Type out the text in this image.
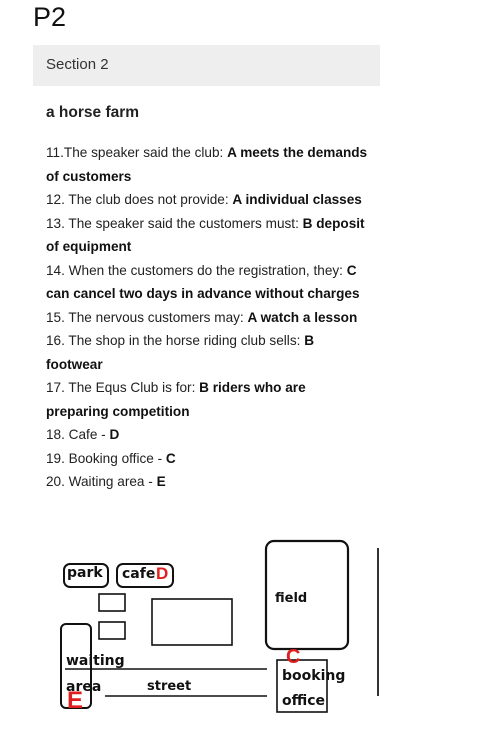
P2
Section 2
a horse farm
11.The speaker said the club: A meets the demands of customers
12. The club does not provide: A individual classes
13. The speaker said the customers must: B deposit of equipment
14. When the customers do the registration, they: C can cancel two days in advance without charges
15. The nervous customers may: A watch a lesson
16. The shop in the horse riding club sells: B footwear
17. The Equs Club is for: B riders who are preparing competition
18. Cafe - D
19. Booking office - C
20. Waiting area - E
park cafe D
field
waiting
area
E
street
C
booking
office
